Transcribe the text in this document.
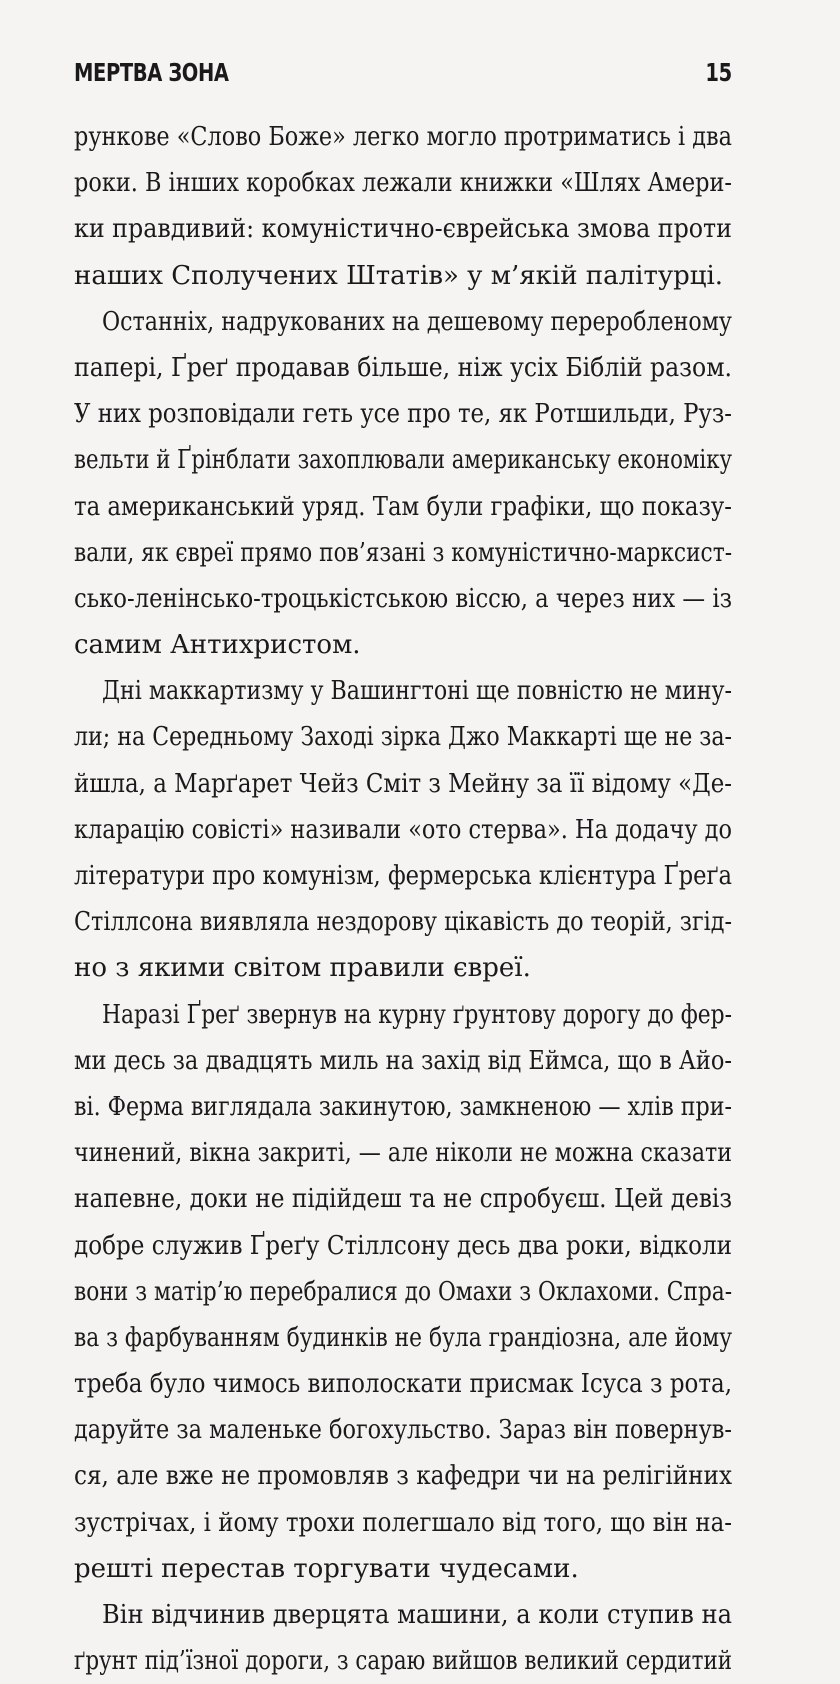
МЕРТВА ЗОНА	15
рункове «Слово Боже» легко могло протриматись і два
роки. В інших коробках лежали книжки «Шлях Амери-
ки правдивий: комуністично-єврейська змова проти
наших Сполучених Штатів» у м’якій палітурці.
Останніх, надрукованих на дешевому переробленому
папері, Ґреґ продавав більше, ніж усіх Біблій разом.
У них розповідали геть усе про те, як Ротшильди, Руз-
вельти й Ґрінблати захоплювали американську економіку
та американський уряд. Там були графіки, що показу-
вали, як євреї прямо пов’язані з комуністично-марксист-
сько-ленінсько-троцькістською віссю, а через них — із
самим Антихристом.
Дні маккартизму у Вашингтоні ще повністю не мину-
ли; на Середньому Заході зірка Джо Маккарті ще не за-
йшла, а Марґарет Чейз Сміт з Мейну за її відому «Де-
кларацію совісті» називали «ото стерва». На додачу до
літератури про комунізм, фермерська клієнтура Ґреґа
Стіллсона виявляла нездорову цікавість до теорій, згід-
но з якими світом правили євреї.
Наразі Ґреґ звернув на курну ґрунтову дорогу до фер-
ми десь за двадцять миль на захід від Еймса, що в Айо-
ві. Ферма виглядала закинутою, замкненою — хлів при-
чинений, вікна закриті, — але ніколи не можна сказати
напевне, доки не підійдеш та не спробуєш. Цей девіз
добре служив Ґреґу Стіллсону десь два роки, відколи
вони з матір’ю перебралися до Омахи з Оклахоми. Спра-
ва з фарбуванням будинків не була грандіозна, але йому
треба було чимось виполоскати присмак Ісуса з рота,
даруйте за маленьке богохульство. Зараз він повернув-
ся, але вже не промовляв з кафедри чи на релігійних
зустрічах, і йому трохи полегшало від того, що він на-
решті перестав торгувати чудесами.
Він відчинив дверцята машини, а коли ступив на
ґрунт під’їзної дороги, з сараю вийшов великий сердитий
